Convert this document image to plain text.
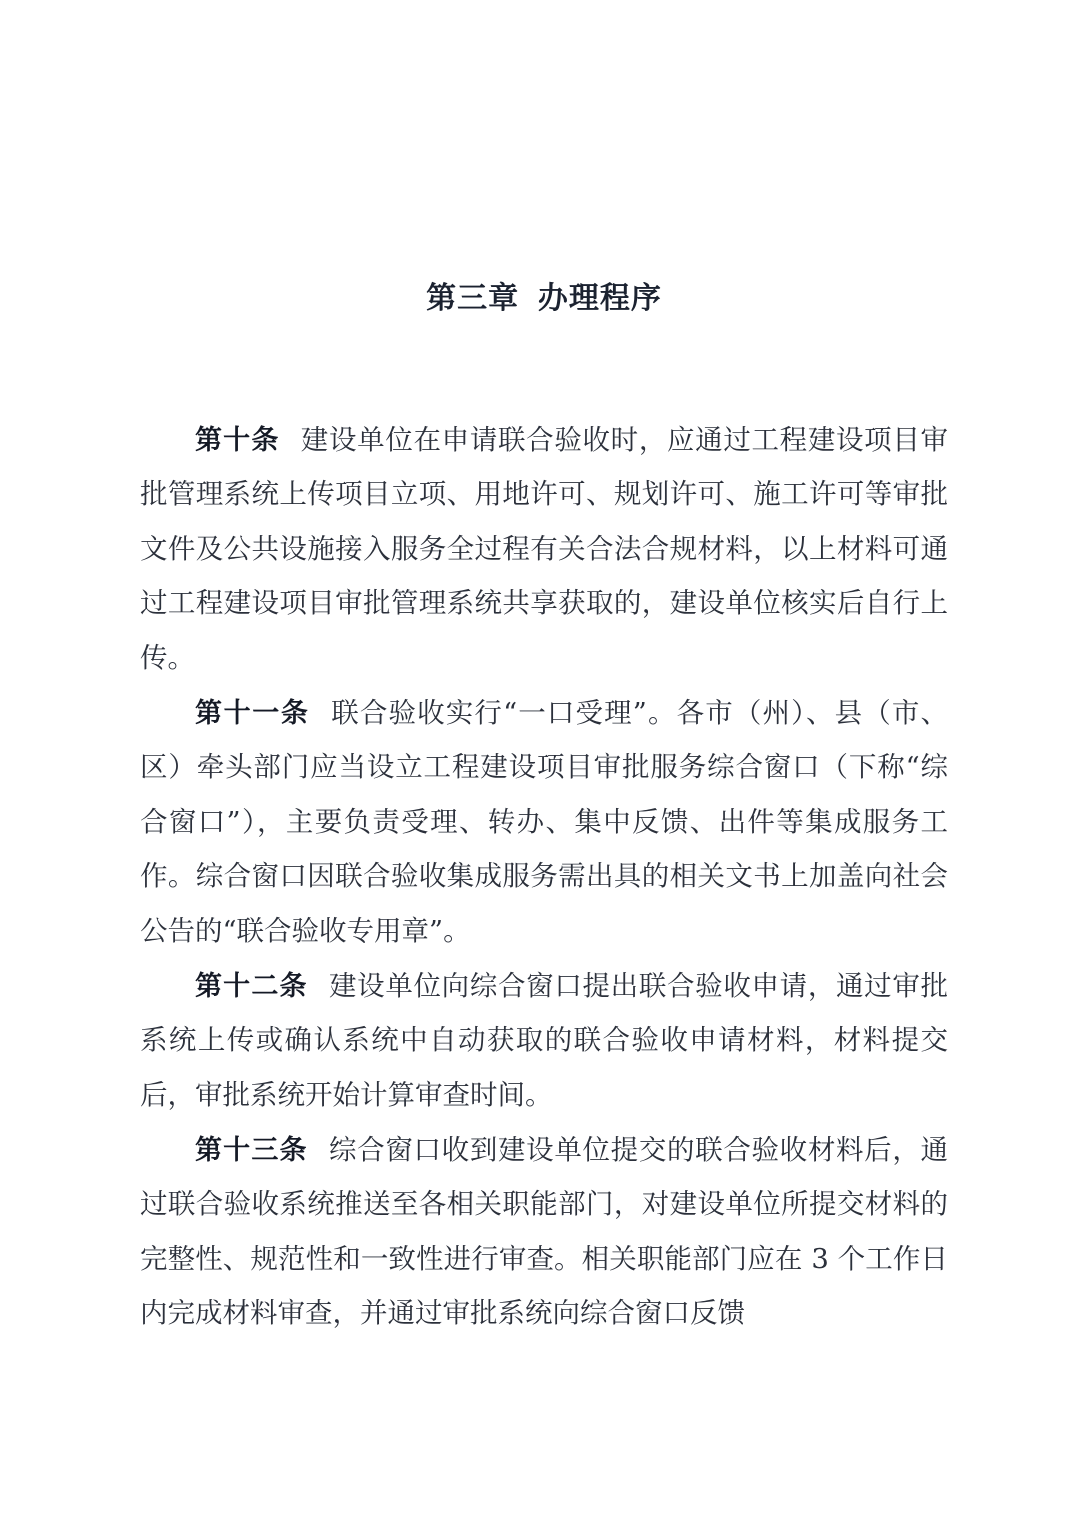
第三章  办理程序

第十条 建设单位在申请联合验收时，应通过工程建设项目审批管理系统上传项目立项、用地许可、规划许可、施工许可等审批文件及公共设施接入服务全过程有关合法合规材料，以上材料可通过工程建设项目审批管理系统共享获取的，建设单位核实后自行上传。

第十一条 联合验收实行“一口受理”。各市（州）、县（市、区）牵头部门应当设立工程建设项目审批服务综合窗口（下称“综合窗口”），主要负责受理、转办、集中反馈、出件等集成服务工作。综合窗口因联合验收集成服务需出具的相关文书上加盖向社会公告的“联合验收专用章”。

第十二条 建设单位向综合窗口提出联合验收申请，通过审批系统上传或确认系统中自动获取的联合验收申请材料，材料提交后，审批系统开始计算审查时间。

第十三条 综合窗口收到建设单位提交的联合验收材料后，通过联合验收系统推送至各相关职能部门，对建设单位所提交材料的完整性、规范性和一致性进行审查。相关职能部门应在 3 个工作日内完成材料审查，并通过审批系统向综合窗口反馈
